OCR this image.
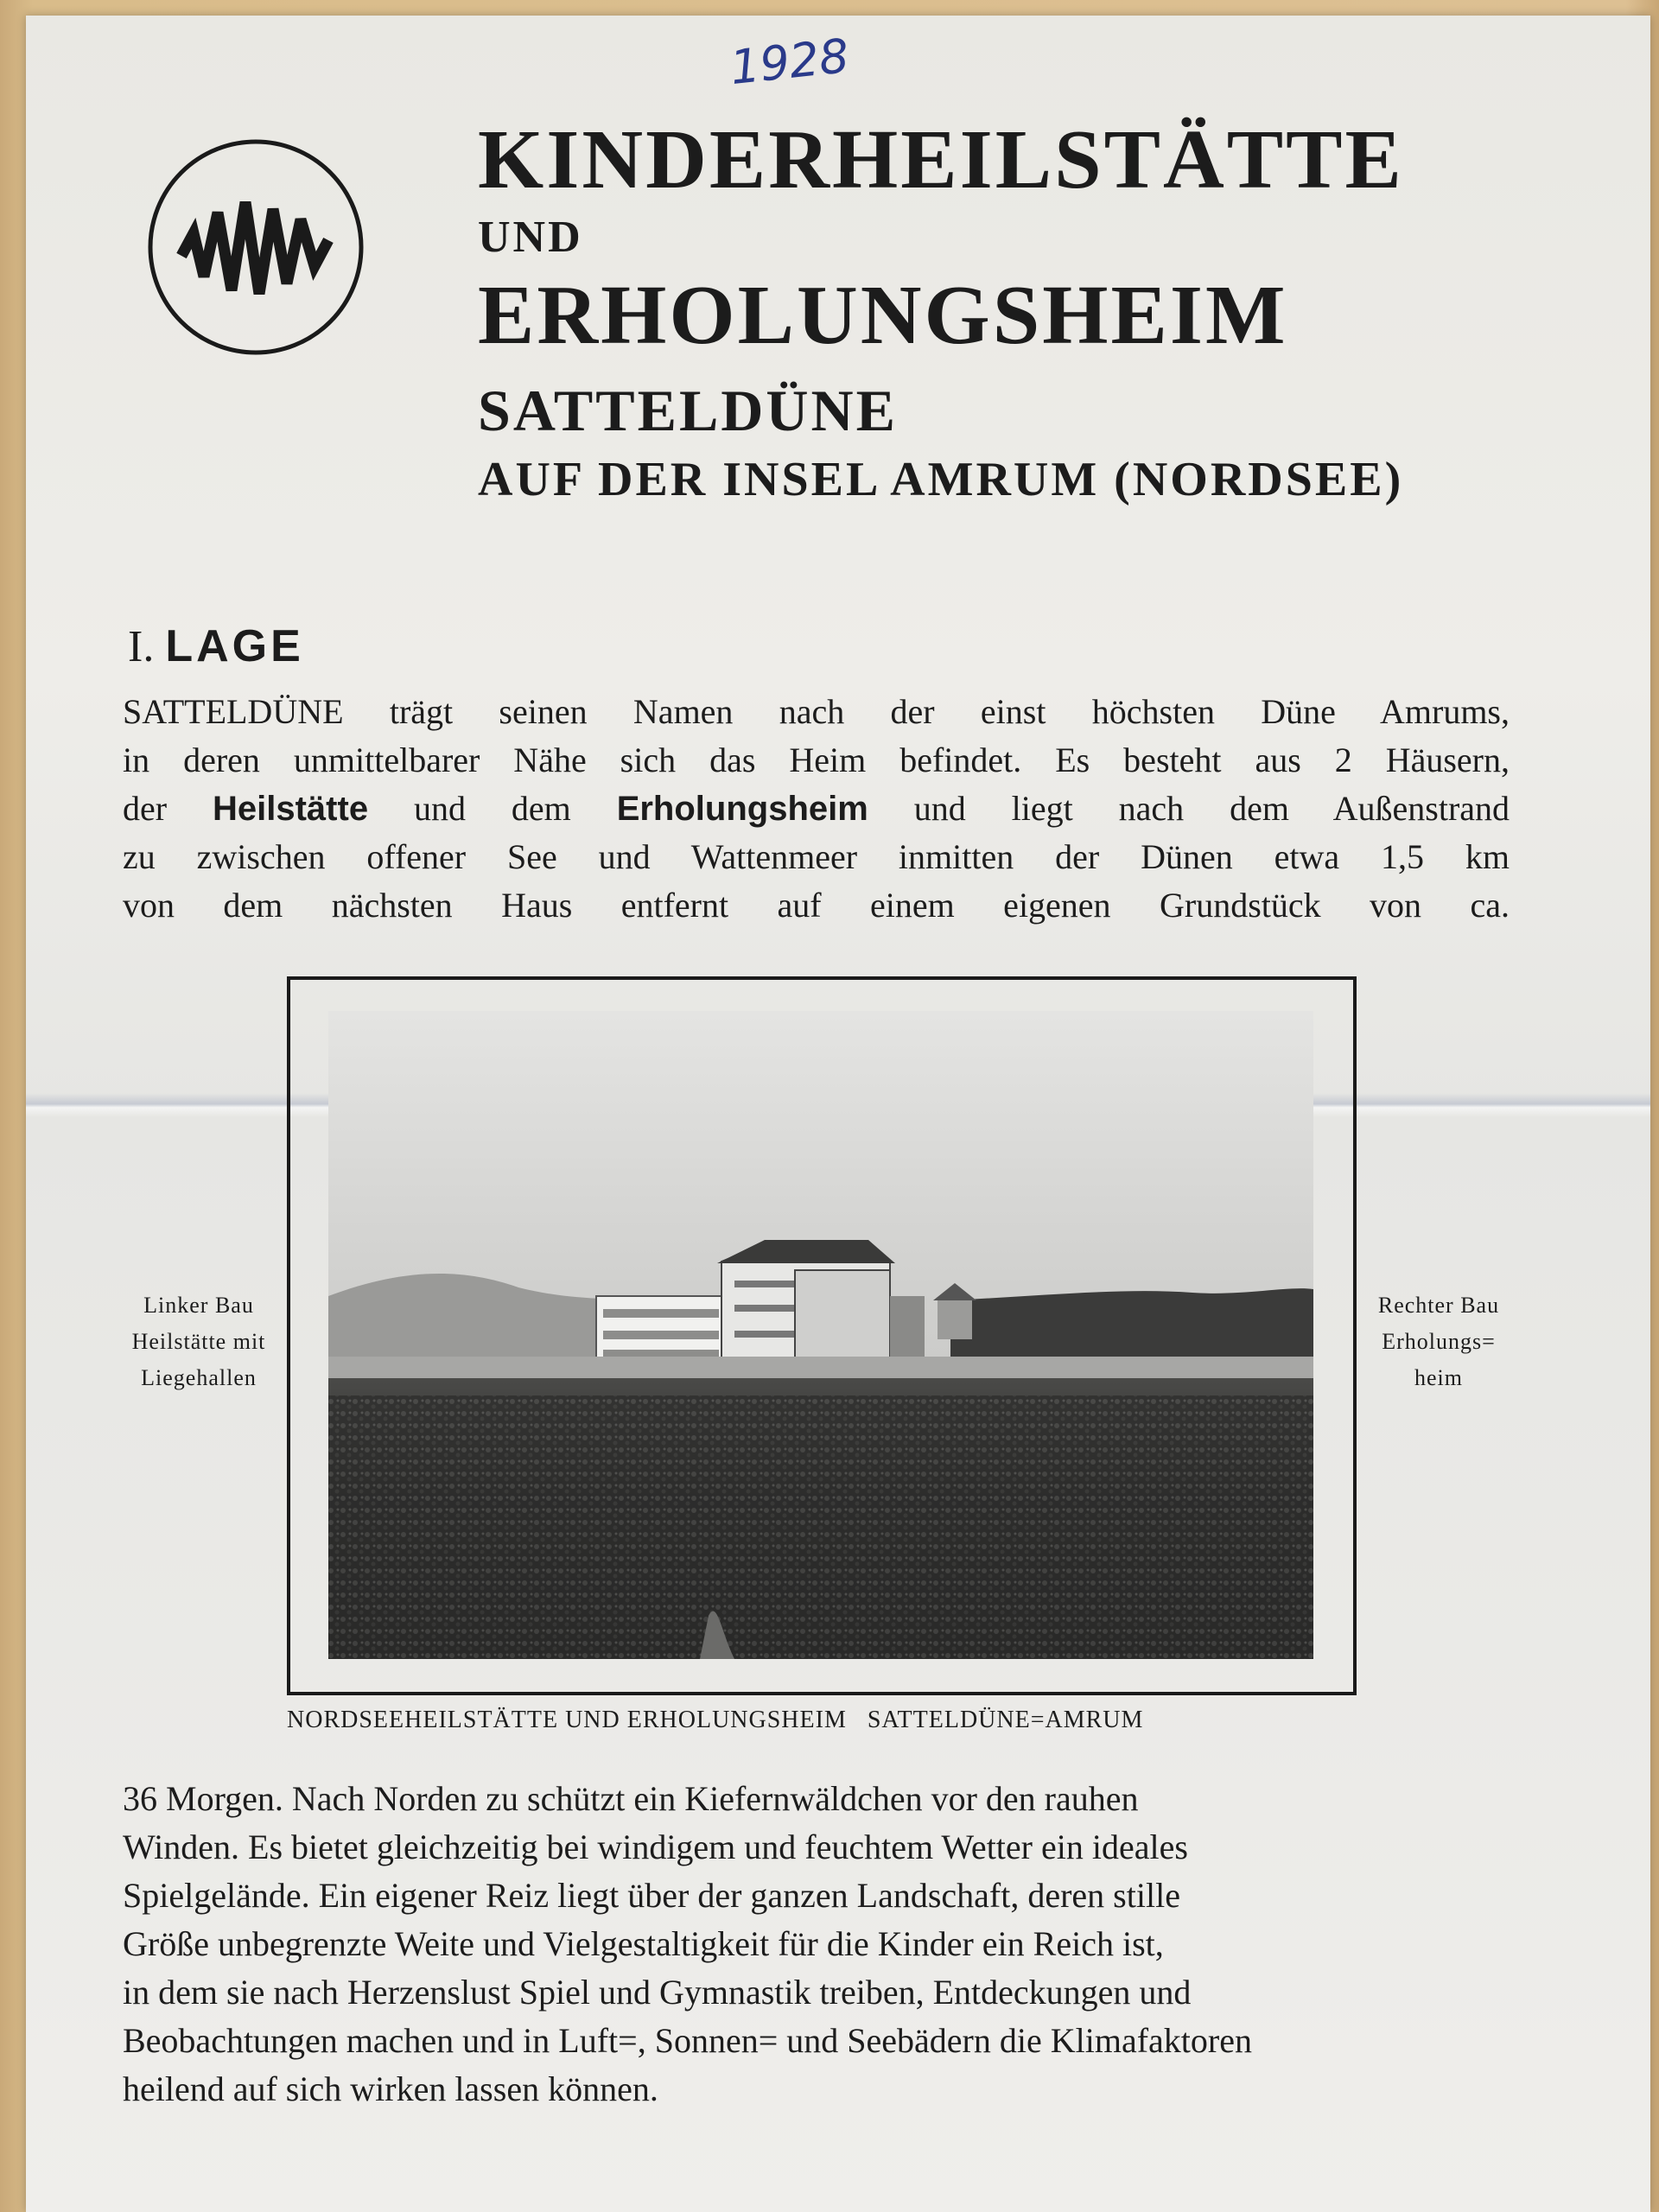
1928
KINDERHEILSTÄTTE
UND
ERHOLUNGSHEIM
SATTELDÜNE
AUF DER INSEL AMRUM (NORDSEE)
I. LAGE
SATTELDÜNE trägt seinen Namen nach der einst höchsten Düne Amrums,
in deren unmittelbarer Nähe sich das Heim befindet. Es besteht aus 2 Häusern,
der Heilstätte und dem Erholungsheim und liegt nach dem Außenstrand
zu zwischen offener See und Wattenmeer inmitten der Dünen etwa 1,5 km
von dem nächsten Haus entfernt auf einem eigenen Grundstück von ca.
Linker Bau
Heilstätte mit
Liegehallen
Rechter Bau
Erholungs=
heim
NORDSEEHEILSTÄTTE UND ERHOLUNGSHEIM   SATTELDÜNE=AMRUM
36 Morgen. Nach Norden zu schützt ein Kiefernwäldchen vor den rauhen
Winden. Es bietet gleichzeitig bei windigem und feuchtem Wetter ein ideales
Spielgelände. Ein eigener Reiz liegt über der ganzen Landschaft, deren stille
Größe unbegrenzte Weite und Vielgestaltigkeit für die Kinder ein Reich ist,
in dem sie nach Herzenslust Spiel und Gymnastik treiben, Entdeckungen und
Beobachtungen machen und in Luft=, Sonnen= und Seebädern die Klimafaktoren
heilend auf sich wirken lassen können.
